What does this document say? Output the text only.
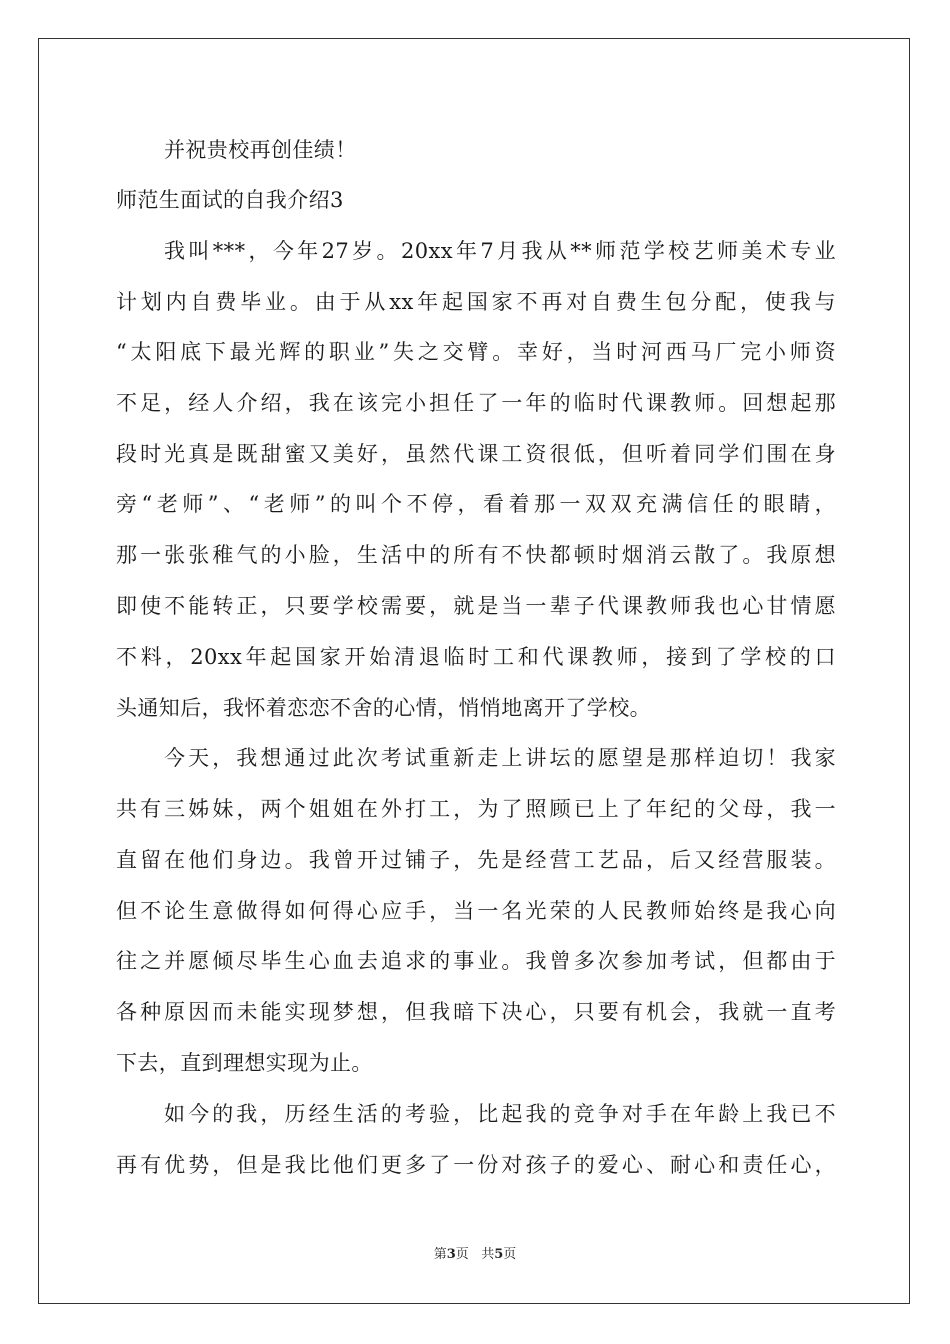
并祝贵校再创佳绩！
师范生面试的自我介绍3
我叫***，今年27岁。20xx年7月我从**师范学校艺师美术专业
计划内自费毕业。由于从xx年起国家不再对自费生包分配，使我与
“太阳底下最光辉的职业”失之交臂。幸好，当时河西马厂完小师资
不足，经人介绍，我在该完小担任了一年的临时代课教师。回想起那
段时光真是既甜蜜又美好，虽然代课工资很低，但听着同学们围在身
旁“老师”、“老师”的叫个不停，看着那一双双充满信任的眼睛，
那一张张稚气的小脸，生活中的所有不快都顿时烟消云散了。我原想
即使不能转正，只要学校需要，就是当一辈子代课教师我也心甘情愿
不料，20xx年起国家开始清退临时工和代课教师，接到了学校的口
头通知后，我怀着恋恋不舍的心情，悄悄地离开了学校。
今天，我想通过此次考试重新走上讲坛的愿望是那样迫切！我家
共有三姊妹，两个姐姐在外打工，为了照顾已上了年纪的父母，我一
直留在他们身边。我曾开过铺子，先是经营工艺品，后又经营服装。
但不论生意做得如何得心应手，当一名光荣的人民教师始终是我心向
往之并愿倾尽毕生心血去追求的事业。我曾多次参加考试，但都由于
各种原因而未能实现梦想，但我暗下决心，只要有机会，我就一直考
下去，直到理想实现为止。
如今的我，历经生活的考验，比起我的竞争对手在年龄上我已不
再有优势，但是我比他们更多了一份对孩子的爱心、耐心和责任心，
第3页 共5页
